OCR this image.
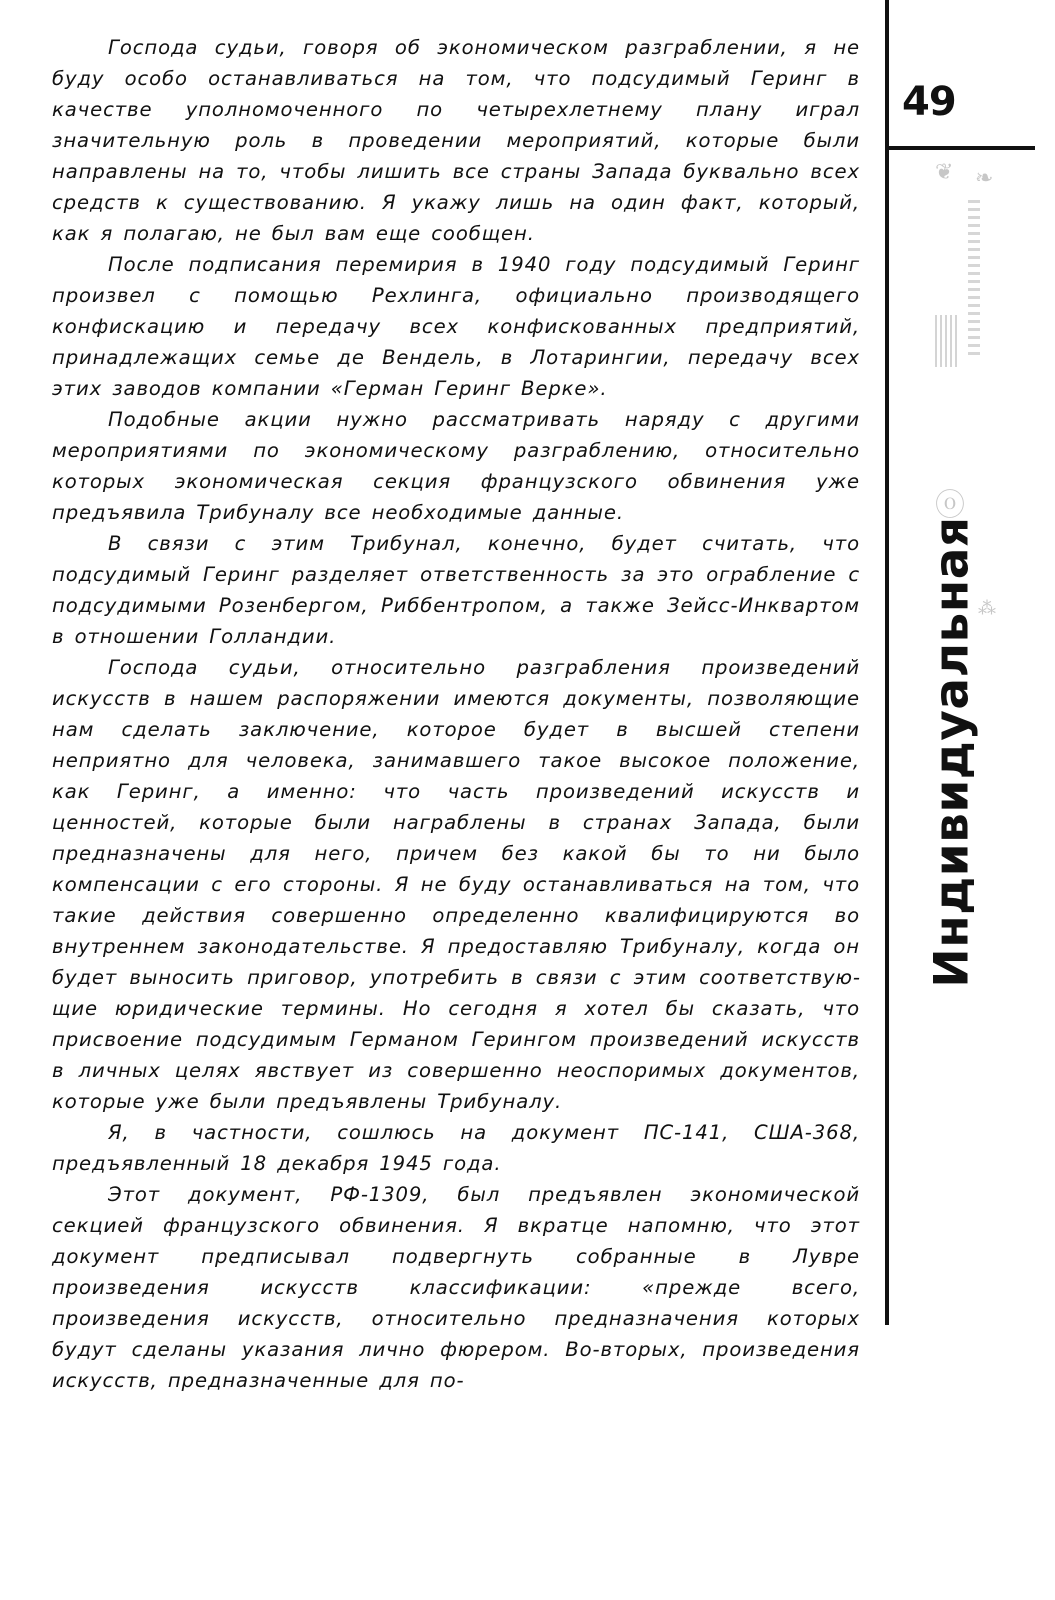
Господа судьи, говоря об экономическом разграблении, я не буду особо останавливаться на том, что подсудимый Геринг в качестве уполномоченного по четырехлетнему плану играл значительную роль в проведении мероприятий, которые были направлены на то, чтобы лишить все страны Запада буквально всех средств к существованию. Я укажу лишь на один факт, который, как я полагаю, не был вам еще сообщен.

После подписания перемирия в 1940 году подсудимый Геринг произвел с помощью Рехлинга, официально производящего конфискацию и передачу всех конфискованных предприятий, принадлежащих семье де Вендель, в Лотарингии, передачу всех этих заводов компании «Герман Геринг Верке».

Подобные акции нужно рассматривать наряду с другими мероприятиями по экономическому разграблению, относительно которых экономическая секция французского обвинения уже предъявила Трибуналу все необходимые данные.

В связи с этим Трибунал, конечно, будет считать, что подсудимый Геринг разделяет ответственность за это ограбление с подсудимыми Розенбергом, Риббентропом, а также Зейсс-Инквартом в отношении Голландии.

Господа судьи, относительно разграбления произведений искусств в нашем распоряжении имеются документы, позволяющие нам сделать заключение, которое будет в высшей степени неприятно для человека, занимавшего такое высокое положение, как Геринг, а именно: что часть произведений искусств и ценностей, которые были награблены в странах Запада, были предназначены для него, причем без какой бы то ни было компенсации с его стороны. Я не буду останавливаться на том, что такие действия совершенно определенно квалифицируются во внутреннем законодательстве. Я предоставляю Трибуналу, когда он будет выносить приговор, употребить в связи с этим соответствующие юридические термины. Но сегодня я хотел бы сказать, что присвоение подсудимым Германом Герингом произведений искусств в личных целях явствует из совершенно неоспоримых документов, которые уже были предъявлены Трибуналу.

Я, в частности, сошлюсь на документ ПС-141, США-368, предъявленный 18 декабря 1945 года.

Этот документ, РФ-1309, был предъявлен экономической секцией французского обвинения. Я вкратце напомню, что этот документ предписывал подвергнуть собранные в Лувре произведения искусств классификации: «прежде всего, произведения искусств, относительно предназначения которых будут сделаны указания лично фюрером. Во-вторых, произведения искусств, предназначенные для по-

49
❦ ❧
ⓞ
⁂
Индивидуальная
